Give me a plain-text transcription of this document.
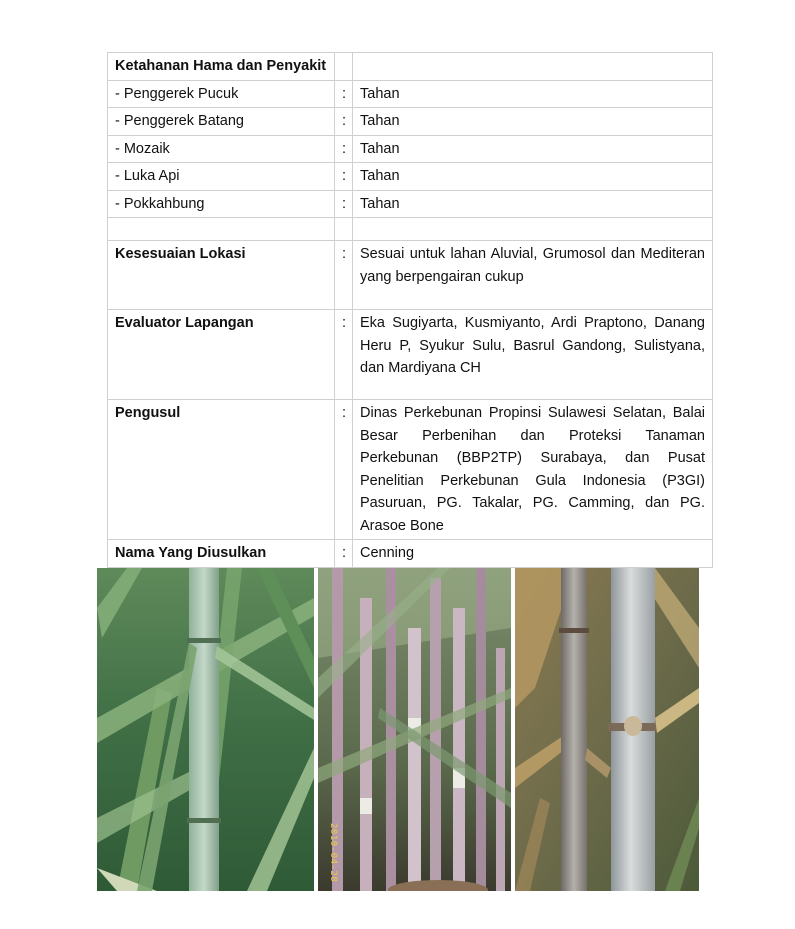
Ketahanan Hama dan Penyakit		
- Penggerek Pucuk	:	Tahan
- Penggerek Batang	:	Tahan
- Mozaik	:	Tahan
- Luka Api	:	Tahan
- Pokkahbung	:	Tahan

Kesesuaian Lokasi	:	Sesuai untuk lahan Aluvial, Grumosol dan Mediteran yang berpengairan cukup
Evaluator Lapangan	:	Eka Sugiyarta, Kusmiyanto, Ardi Praptono, Danang Heru P, Syukur Sulu, Basrul Gandong, Sulistyana, dan Mardiyana CH
Pengusul	:	Dinas Perkebunan Propinsi Sulawesi Selatan, Balai Besar Perbenihan dan Proteksi Tanaman Perkebunan (BBP2TP) Surabaya, dan Pusat Penelitian Perkebunan Gula Indonesia (P3GI) Pasuruan, PG. Takalar, PG. Camming, dan PG. Arasoe Bone
Nama Yang Diusulkan	:	Cenning
2010-04-28
